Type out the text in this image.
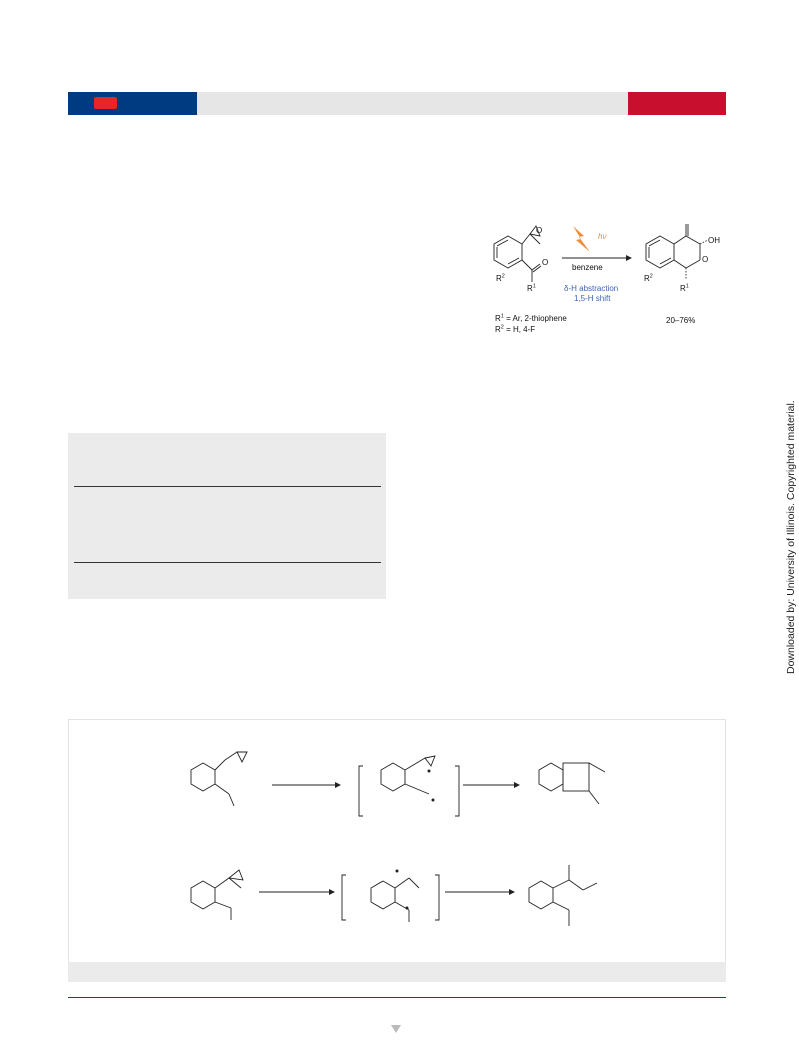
hν
benzene
δ-H abstraction
1,5-H shift
O
O
O
OH
$R^1$
$R^2$
$R^1$
$R^2$
$R^1 = Ar$, 2-thiophene
$R^2 = H$, 4-F
20–76%
Downloaded by: University of Illinois. Copyrighted material.
